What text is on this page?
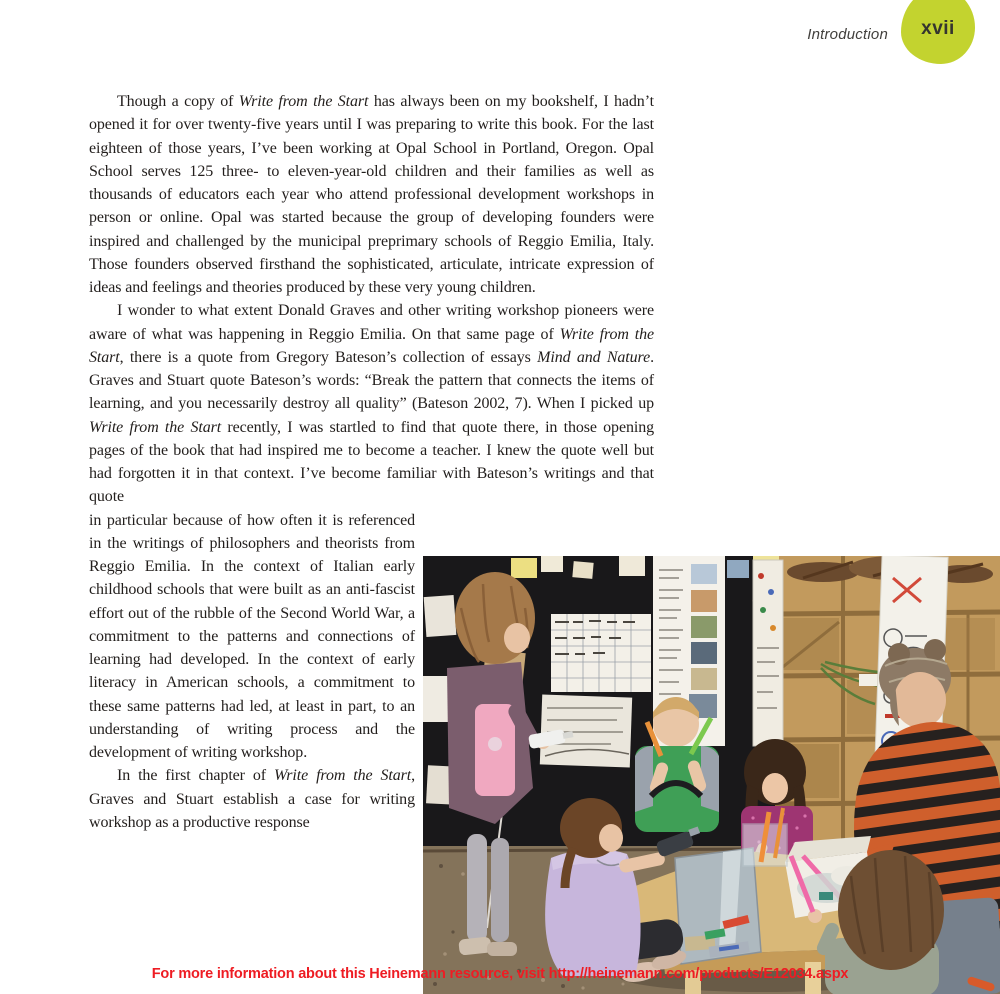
Introduction xvii

Though a copy of Write from the Start has always been on my bookshelf, I hadn’t opened it for over twenty-five years until I was preparing to write this book. For the last eighteen of those years, I’ve been working at Opal School in Portland, Oregon. Opal School serves 125 three- to eleven-year-old children and their families as well as thousands of educators each year who attend professional development workshops in person or online. Opal was started because the group of developing founders were inspired and challenged by the municipal preprimary schools of Reggio Emilia, Italy. Those founders observed firsthand the sophisticated, articulate, intricate expression of ideas and feelings and theories produced by these very young children.

I wonder to what extent Donald Graves and other writing workshop pioneers were aware of what was happening in Reggio Emilia. On that same page of Write from the Start, there is a quote from Gregory Bateson’s collection of essays Mind and Nature. Graves and Stuart quote Bateson’s words: “Break the pattern that connects the items of learning, and you necessarily destroy all quality” (Bateson 2002, 7). When I picked up Write from the Start recently, I was startled to find that quote there, in those opening pages of the book that had inspired me to become a teacher. I knew the quote well but had forgotten it in that context. I’ve become familiar with Bateson’s writings and that quote

in particular because of how often it is referenced in the writings of philosophers and theorists from Reggio Emilia. In the context of Italian early childhood schools that were built as an anti-fascist effort out of the rubble of the Second World War, a commitment to the patterns and connections of learning had developed. In the context of early literacy in American schools, a commitment to these same patterns had led, at least in part, to an understanding of writing process and the development of writing workshop.

In the first chapter of Write from the Start, Graves and Stuart establish a case for writing workshop as a productive response

For more information about this Heinemann resource, visit http://heinemann.com/products/E12034.aspx
